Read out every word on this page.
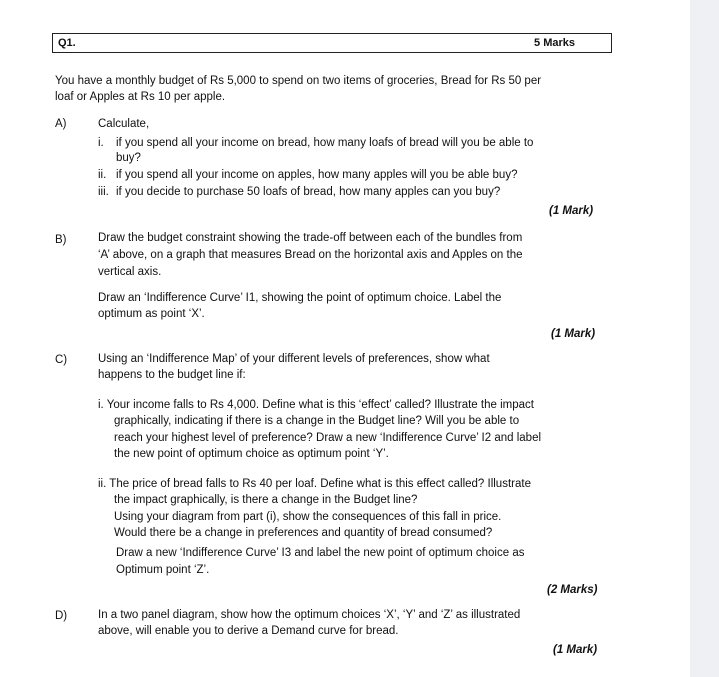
Q1.	5 Marks
You have a monthly budget of Rs 5,000 to spend on two items of groceries, Bread for Rs 50 per
loaf or Apples at Rs 10 per apple.
A)	Calculate,
i. if you spend all your income on bread, how many loafs of bread will you be able to
buy?
ii. if you spend all your income on apples, how many apples will you be able buy?
iii. if you decide to purchase 50 loafs of bread, how many apples can you buy?
(1 Mark)
B)	Draw the budget constraint showing the trade-off between each of the bundles from
‘A’ above, on a graph that measures Bread on the horizontal axis and Apples on the
vertical axis.
Draw an ‘Indifference Curve’ I1, showing the point of optimum choice. Label the
optimum as point ‘X’.
(1 Mark)
C)	Using an ‘Indifference Map’ of your different levels of preferences, show what
happens to the budget line if:
i. Your income falls to Rs 4,000. Define what is this ‘effect’ called? Illustrate the impact
graphically, indicating if there is a change in the Budget line? Will you be able to
reach your highest level of preference? Draw a new ‘Indifference Curve’ I2 and label
the new point of optimum choice as optimum point ‘Y’.
ii. The price of bread falls to Rs 40 per loaf. Define what is this effect called? Illustrate
the impact graphically, is there a change in the Budget line?
Using your diagram from part (i), show the consequences of this fall in price.
Would there be a change in preferences and quantity of bread consumed?
Draw a new ‘Indifference Curve’ I3 and label the new point of optimum choice as
Optimum point ‘Z’.
(2 Marks)
D)	In a two panel diagram, show how the optimum choices ‘X’, ‘Y’ and ‘Z’ as illustrated
above, will enable you to derive a Demand curve for bread.
(1 Mark)
